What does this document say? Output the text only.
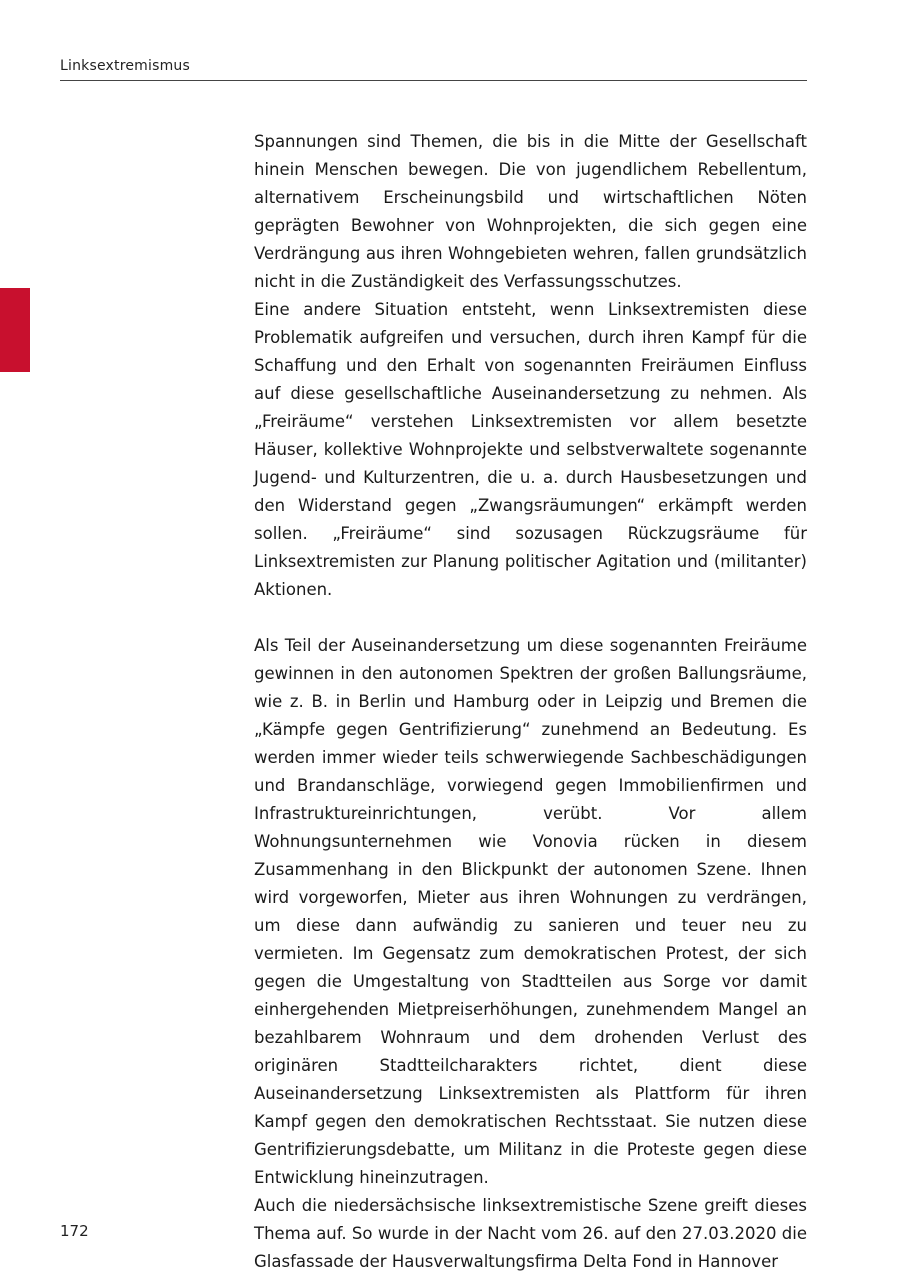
Linksextremismus

Spannungen sind Themen, die bis in die Mitte der Gesellschaft hinein Menschen bewegen. Die von jugendlichem Rebellentum, alternativem Erscheinungsbild und wirtschaftlichen Nöten geprägten Bewohner von Wohnprojekten, die sich gegen eine Verdrängung aus ihren Wohngebieten wehren, fallen grundsätzlich nicht in die Zuständigkeit des Verfassungsschutzes.

Eine andere Situation entsteht, wenn Linksextremisten diese Problematik aufgreifen und versuchen, durch ihren Kampf für die Schaffung und den Erhalt von sogenannten Freiräumen Einfluss auf diese gesellschaftliche Auseinandersetzung zu nehmen. Als „Freiräume“ verstehen Linksextremisten vor allem besetzte Häuser, kollektive Wohnprojekte und selbstverwaltete sogenannte Jugend- und Kulturzentren, die u. a. durch Hausbesetzungen und den Widerstand gegen „Zwangsräumungen“ erkämpft werden sollen. „Freiräume“ sind sozusagen Rückzugsräume für Linksextremisten zur Planung politischer Agitation und (militanter) Aktionen.

Als Teil der Auseinandersetzung um diese sogenannten Freiräume gewinnen in den autonomen Spektren der großen Ballungsräume, wie z. B. in Berlin und Hamburg oder in Leipzig und Bremen die „Kämpfe gegen Gentrifizierung“ zunehmend an Bedeutung. Es werden immer wieder teils schwerwiegende Sachbeschädigungen und Brandanschläge, vorwiegend gegen Immobilienfirmen und Infrastruktureinrichtungen, verübt. Vor allem Wohnungsunternehmen wie Vonovia rücken in diesem Zusammenhang in den Blickpunkt der autonomen Szene. Ihnen wird vorgeworfen, Mieter aus ihren Wohnungen zu verdrängen, um diese dann aufwändig zu sanieren und teuer neu zu vermieten. Im Gegensatz zum demokratischen Protest, der sich gegen die Umgestaltung von Stadtteilen aus Sorge vor damit einhergehenden Mietpreiserhöhungen, zunehmendem Mangel an bezahlbarem Wohnraum und dem drohenden Verlust des originären Stadtteilcharakters richtet, dient diese Auseinandersetzung Linksextremisten als Plattform für ihren Kampf gegen den demokratischen Rechtsstaat. Sie nutzen diese Gentrifizierungsdebatte, um Militanz in die Proteste gegen diese Entwicklung hineinzutragen.

Auch die niedersächsische linksextremistische Szene greift dieses Thema auf. So wurde in der Nacht vom 26. auf den 27.03.2020 die Glasfassade der Hausverwaltungsfirma Delta Fond in Hannover

172
